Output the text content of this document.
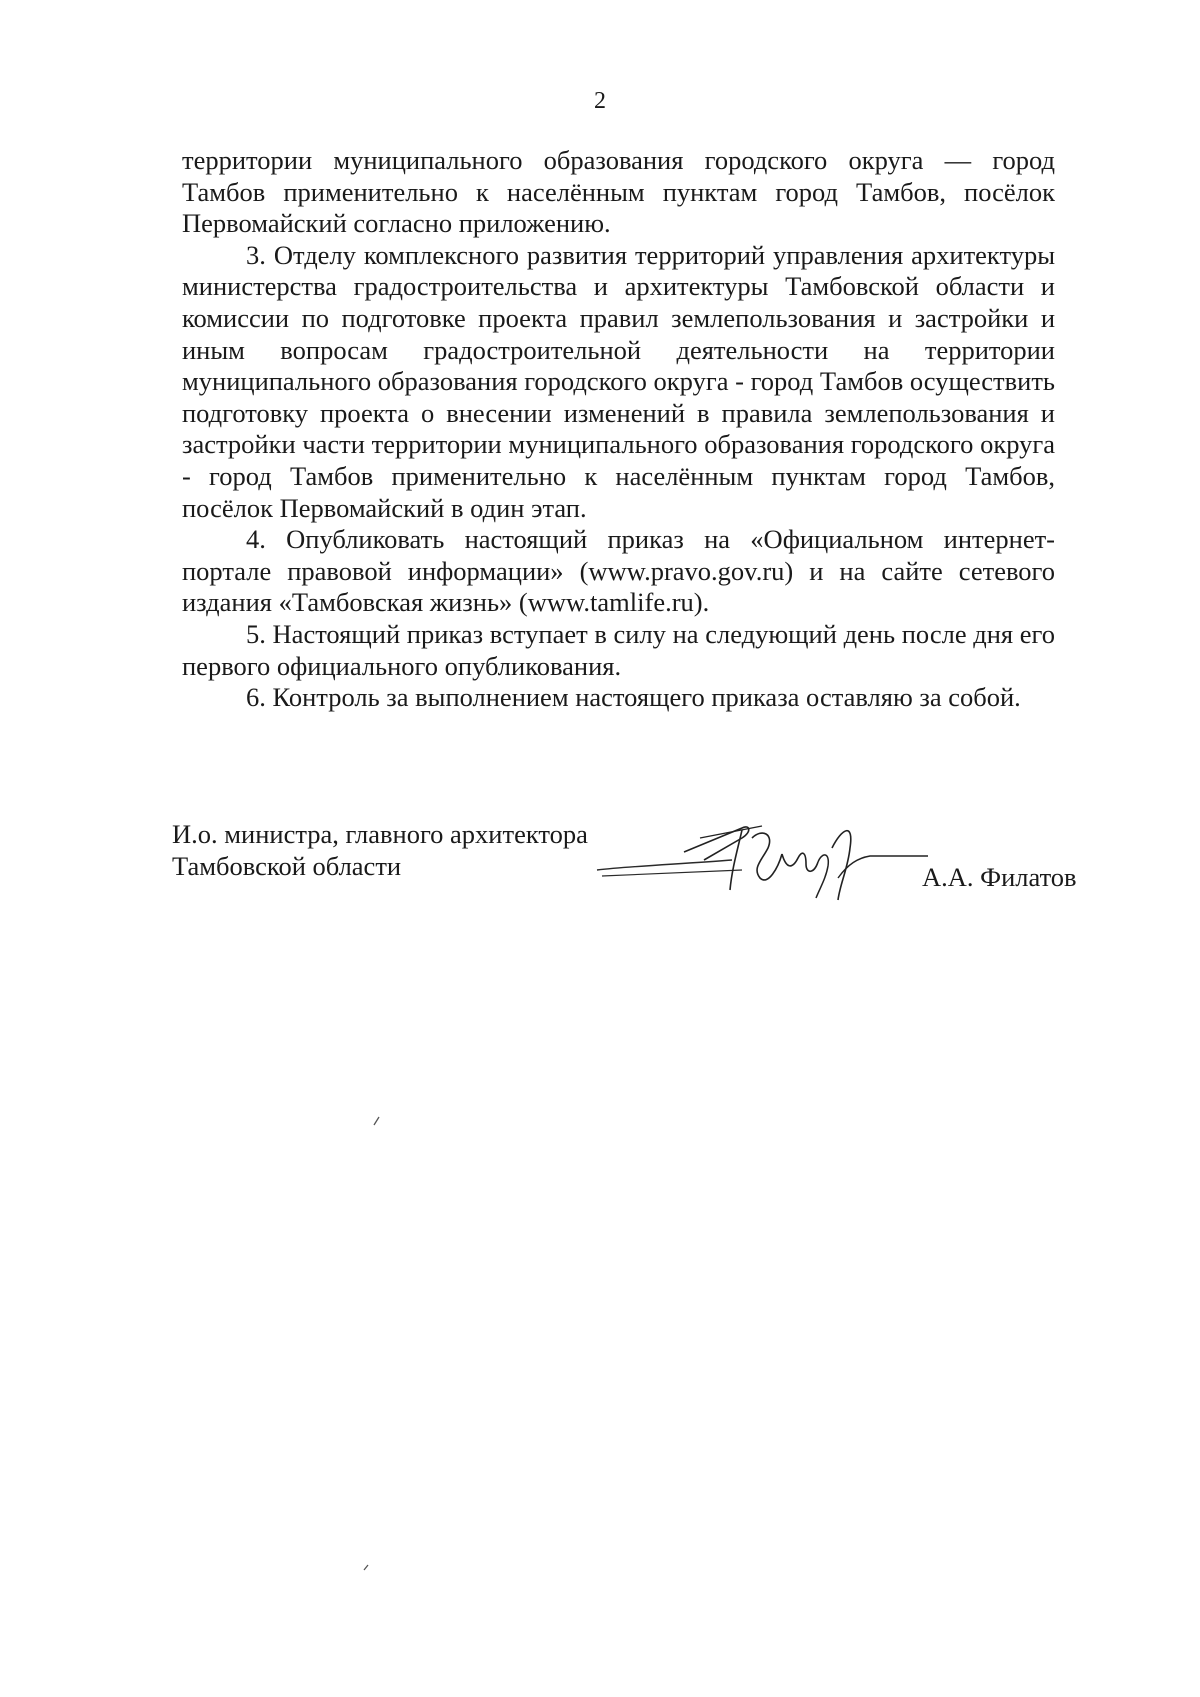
2

территории муниципального образования городского округа — город Тамбов применительно к населённым пунктам город Тамбов, посёлок Первомайский согласно приложению.

3. Отделу комплексного развития территорий управления архитектуры министерства градостроительства и архитектуры Тамбовской области и комиссии по подготовке проекта правил землепользования и застройки и иным вопросам градостроительной деятельности на территории муниципального образования городского округа - город Тамбов осуществить подготовку проекта о внесении изменений в правила землепользования и застройки части территории муниципального образования городского округа - город Тамбов применительно к населённым пунктам город Тамбов, посёлок Первомайский в один этап.

4. Опубликовать настоящий приказ на «Официальном интернет-портале правовой информации» (www.pravo.gov.ru) и на сайте сетевого издания «Тамбовская жизнь» (www.tamlife.ru).

5. Настоящий приказ вступает в силу на следующий день после дня его первого официального опубликования.

6. Контроль за выполнением настоящего приказа оставляю за собой.

И.о. министра, главного архитектора
Тамбовской области	А.А. Филатов
